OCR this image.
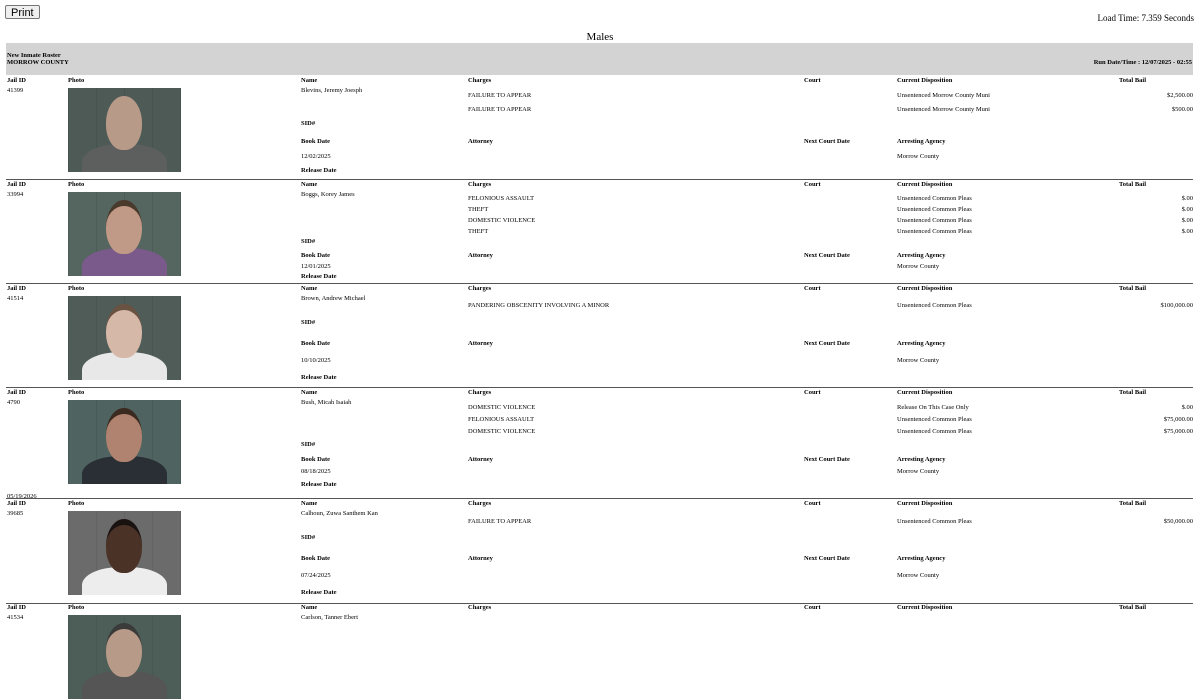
Print	Load Time: 7.359 Seconds
Males
New Inmate Roster
MORROW COUNTY	Run Date/Time : 12/07/2025 - 02:55
Jail ID	Photo	Name	Charges	Court	Current Disposition	Total Bail
41399	Blevins, Jeremy Joesph
SID#
Book Date	Attorney	Next Court Date	Arresting Agency
12/02/2025	Morrow County
Release Date
FAILURE TO APPEAR	Unsentenced Morrow County Muni	$2,500.00
FAILURE TO APPEAR	Unsentenced Morrow County Muni	$500.00
Jail ID	Photo	Name	Charges	Court	Current Disposition	Total Bail
33994	Boggs, Korey James
SID#
Book Date	Attorney	Next Court Date	Arresting Agency
12/01/2025	Morrow County
Release Date
FELONIOUS ASSAULT	Unsentenced Common Pleas	$.00
THEFT	Unsentenced Common Pleas	$.00
DOMESTIC VIOLENCE	Unsentenced Common Pleas	$.00
THEFT	Unsentenced Common Pleas	$.00
Jail ID	Photo	Name	Charges	Court	Current Disposition	Total Bail
41514	Brown, Andrew Michael
SID#
Book Date	Attorney	Next Court Date	Arresting Agency
10/10/2025	Morrow County
Release Date
PANDERING OBSCENITY INVOLVING A MINOR	Unsentenced Common Pleas	$100,000.00
Jail ID	Photo	Name	Charges	Court	Current Disposition	Total Bail
4790	Bush, Micah Isaiah
SID#
Book Date	Attorney	Next Court Date	Arresting Agency
08/18/2025	Morrow County
Release Date
05/19/2026
DOMESTIC VIOLENCE	Release On This Case Only	$.00
FELONIOUS ASSAULT	Unsentenced Common Pleas	$75,000.00
DOMESTIC VIOLENCE	Unsentenced Common Pleas	$75,000.00
Jail ID	Photo	Name	Charges	Court	Current Disposition	Total Bail
39685	Calhoun, Zuwa Santhem Kan
SID#
Book Date	Attorney	Next Court Date	Arresting Agency
07/24/2025	Morrow County
Release Date
FAILURE TO APPEAR	Unsentenced Common Pleas	$50,000.00
Jail ID	Photo	Name	Charges	Court	Current Disposition	Total Bail
41534	Carlson, Tanner Ebert
